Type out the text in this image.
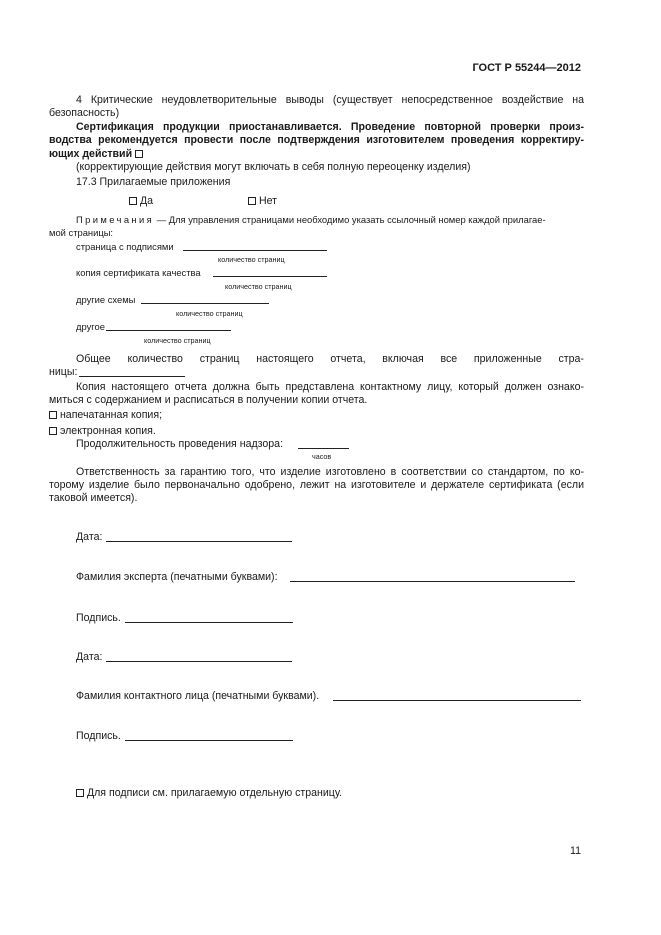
ГОСТ Р 55244—2012
4 Критические неудовлетворительные выводы (существует непосредственное воздействие на
безопасность)
Сертификация продукции приостанавливается. Проведение повторной проверки произ-
водства рекомендуется провести после подтверждения изготовителем проведения корректиру-
ющих действий
(корректирующие действия могут включать в себя полную переоценку изделия)
17.3 Прилагаемые приложения
Да	Нет
Примечания — Для управления страницами необходимо указать ссылочный номер каждой прилагае-
мой страницы:
страница с подписями
количество страниц
копия сертификата качества
количество страниц
другие схемы
количество страниц
другое
количество страниц
Общее количество страниц настоящего отчета, включая все приложенные стра-
ницы:
Копия настоящего отчета должна быть представлена контактному лицу, который должен ознако-
миться с содержанием и расписаться в получении копии отчета.
напечатанная копия;
электронная копия.
Продолжительность проведения надзора:
часов
Ответственность за гарантию того, что изделие изготовлено в соответствии со стандартом, по ко-
торому изделие было первоначально одобрено, лежит на изготовителе и держателе сертификата (если
таковой имеется).
Дата:
Фамилия эксперта (печатными буквами):
Подпись.
Дата:
Фамилия контактного лица (печатными буквами).
Подпись.
Для подписи см. прилагаемую отдельную страницу.
11
